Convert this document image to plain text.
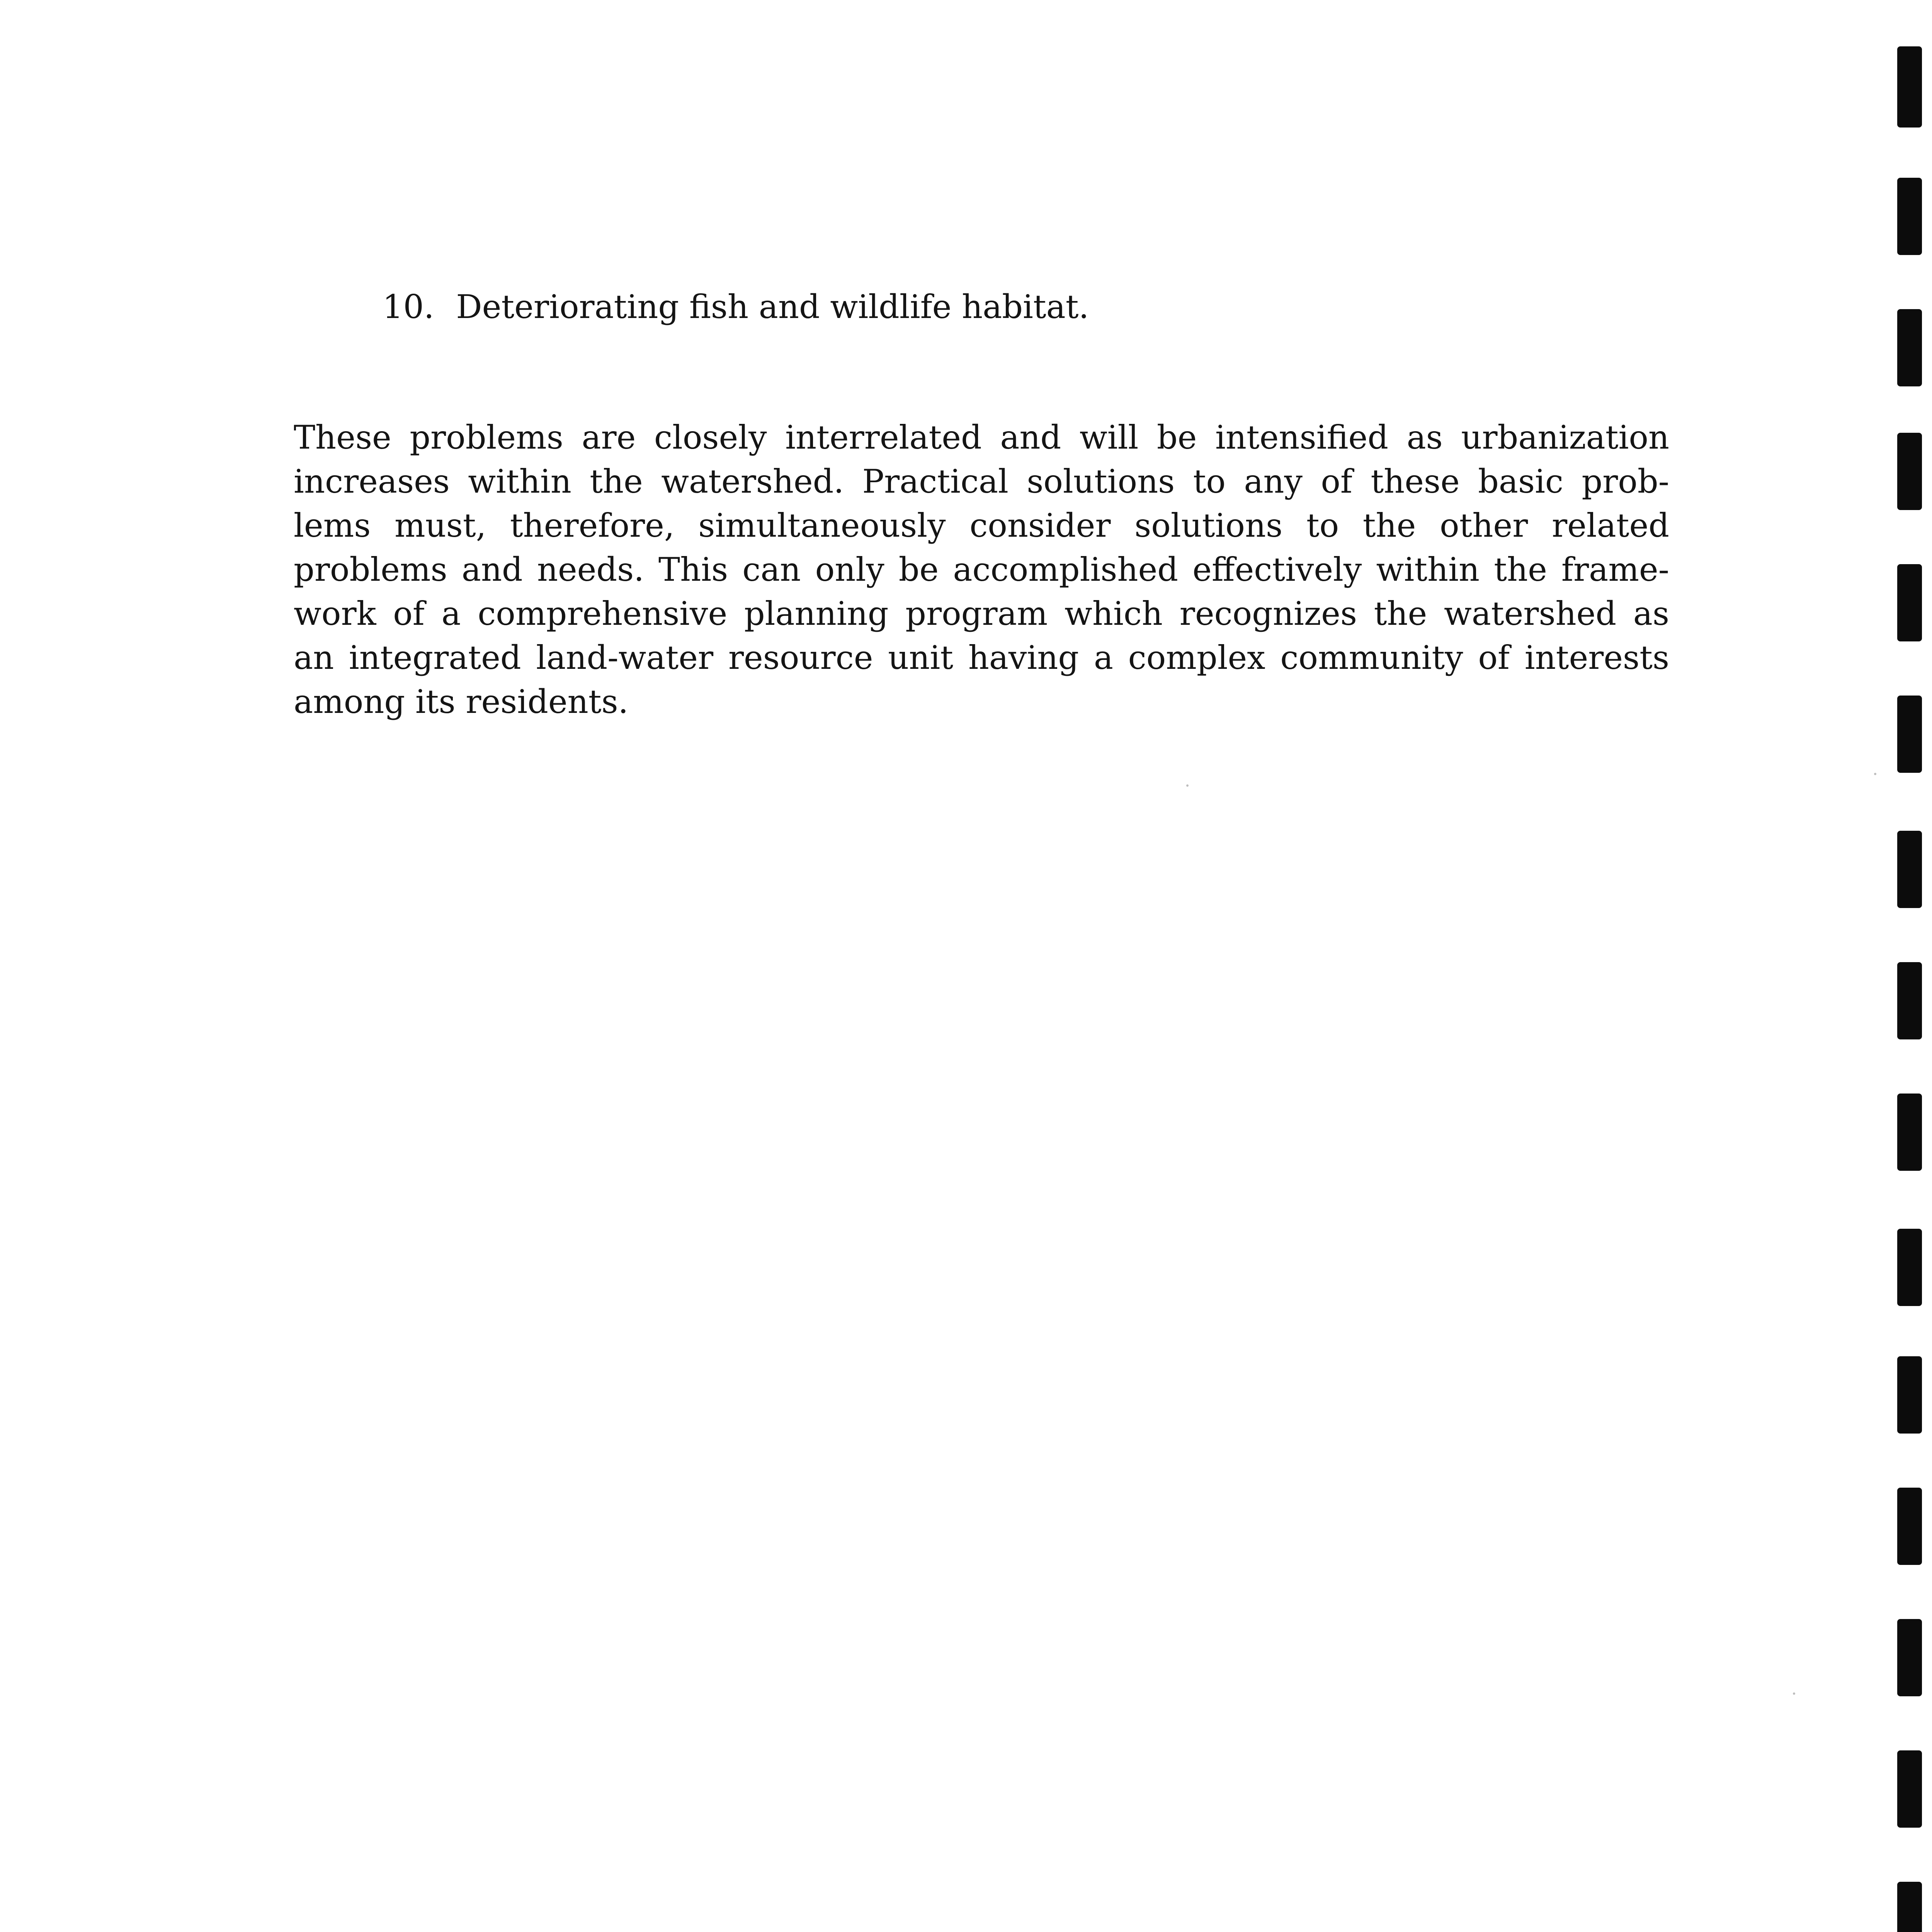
10. Deteriorating fish and wildlife habitat.

These problems are closely interrelated and will be intensified as urbanization
increases within the watershed. Practical solutions to any of these basic prob-
lems must, therefore, simultaneously consider solutions to the other related
problems and needs. This can only be accomplished effectively within the frame-
work of a comprehensive planning program which recognizes the watershed as
an integrated land-water resource unit having a complex community of interests
among its residents.
